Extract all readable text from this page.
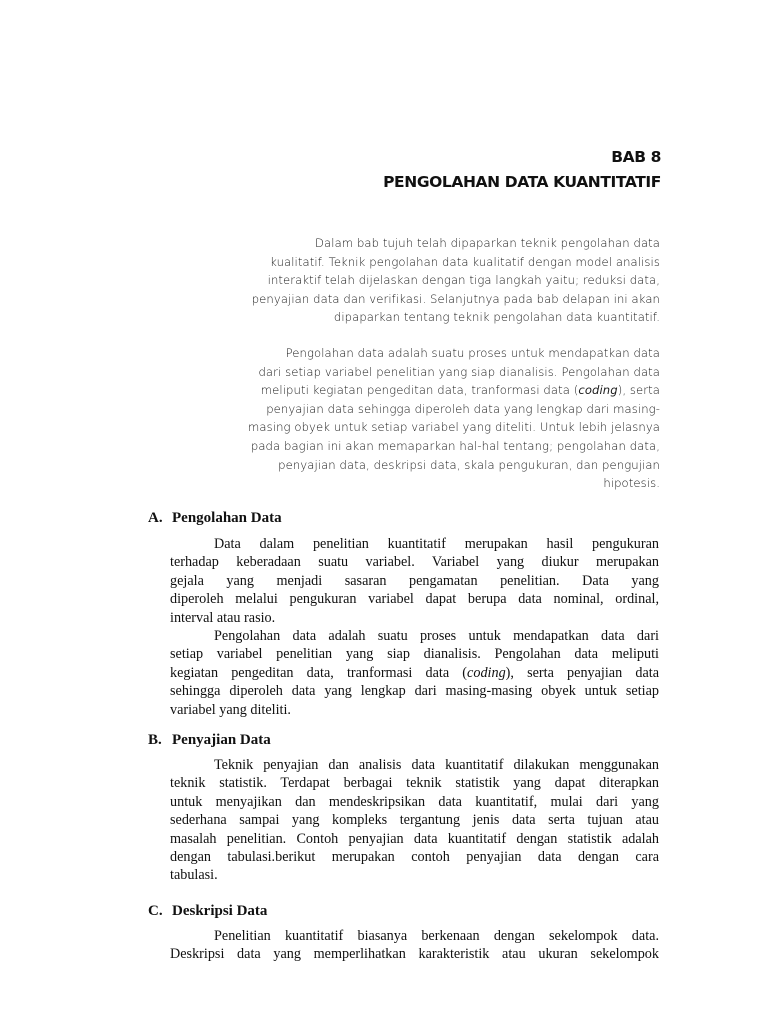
BAB 8
PENGOLAHAN DATA KUANTITATIF
Dalam bab tujuh telah dipaparkan teknik pengolahan data
kualitatif. Teknik pengolahan data kualitatif dengan model analisis
interaktif telah dijelaskan dengan tiga langkah yaitu; reduksi data,
penyajian data dan verifikasi. Selanjutnya pada bab delapan ini akan
dipaparkan tentang teknik pengolahan data kuantitatif.
Pengolahan data adalah suatu proses untuk mendapatkan data
dari setiap variabel penelitian yang siap dianalisis. Pengolahan data
meliputi kegiatan pengeditan data, tranformasi data (coding), serta
penyajian data sehingga diperoleh data yang lengkap dari masing-
masing obyek untuk setiap variabel yang diteliti. Untuk lebih jelasnya
pada bagian ini akan memaparkan hal-hal tentang; pengolahan data,
penyajian data, deskripsi data, skala pengukuran, dan pengujian
hipotesis.
A. Pengolahan Data
Data dalam penelitian kuantitatif merupakan hasil pengukuran
terhadap keberadaan suatu variabel. Variabel yang diukur merupakan
gejala yang menjadi sasaran pengamatan penelitian. Data yang
diperoleh melalui pengukuran variabel dapat berupa data nominal, ordinal,
interval atau rasio.
Pengolahan data adalah suatu proses untuk mendapatkan data dari
setiap variabel penelitian yang siap dianalisis. Pengolahan data meliputi
kegiatan pengeditan data, tranformasi data (coding), serta penyajian data
sehingga diperoleh data yang lengkap dari masing-masing obyek untuk setiap
variabel yang diteliti.
B. Penyajian Data
Teknik penyajian dan analisis data kuantitatif dilakukan menggunakan
teknik statistik. Terdapat berbagai teknik statistik yang dapat diterapkan
untuk menyajikan dan mendeskripsikan data kuantitatif, mulai dari yang
sederhana sampai yang kompleks tergantung jenis data serta tujuan atau
masalah penelitian. Contoh penyajian data kuantitatif dengan statistik adalah
dengan tabulasi.berikut merupakan contoh penyajian data dengan cara
tabulasi.
C. Deskripsi Data
Penelitian kuantitatif biasanya berkenaan dengan sekelompok data.
Deskripsi data yang memperlihatkan karakteristik atau ukuran sekelompok
